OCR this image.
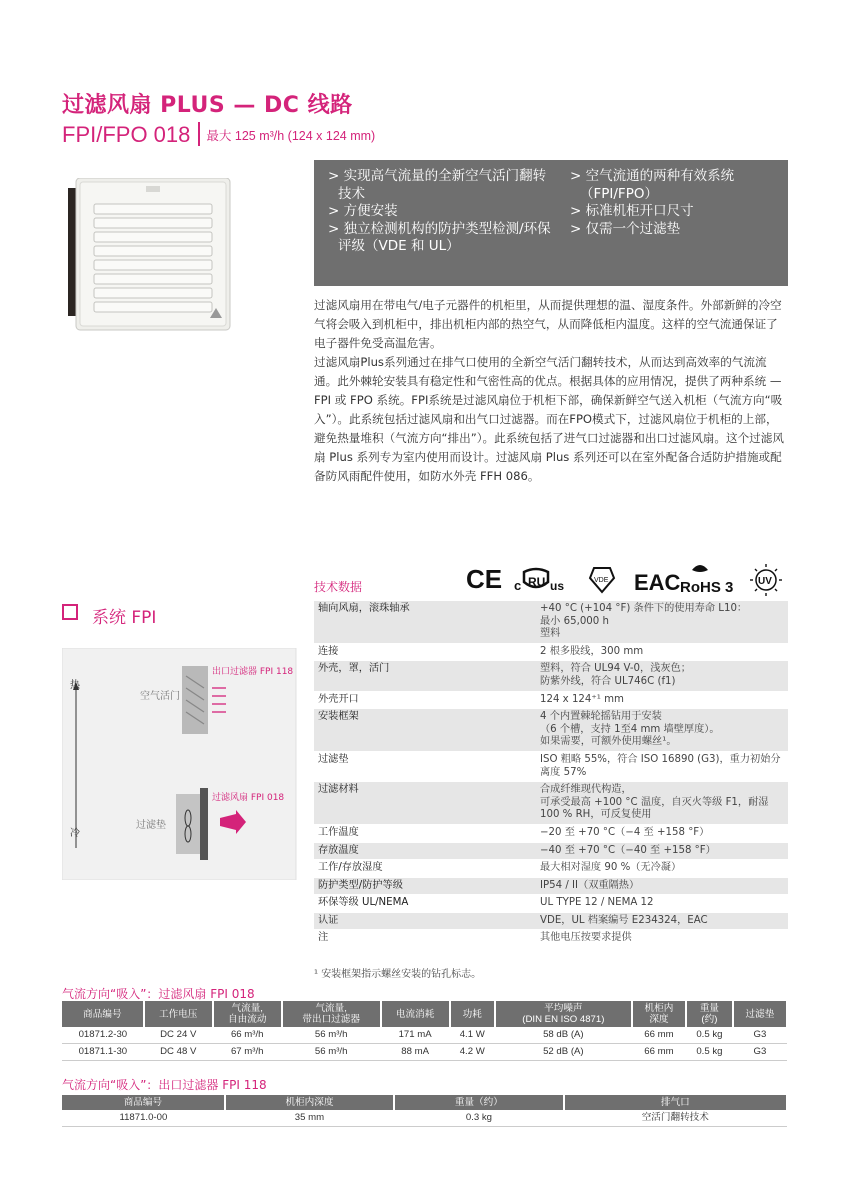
过滤风扇 PLUS — DC 线路
FPI/FPO 018 最大 125 m³/h (124 x 124 mm)
> 实现高气流量的全新空气活门翻转技术
> 方便安装
> 独立检测机构的防护类型检测/环保评级（VDE 和 UL）
> 空气流通的两种有效系统（FPI/FPO）
> 标准机柜开口尺寸
> 仅需一个过滤垫

过滤风扇用在带电气/电子元器件的机柜里，从而提供理想的温、湿度条件。外部新鲜的冷空气将会吸入到机柜中，排出机柜内部的热空气，从而降低柜内温度。这样的空气流通保证了电子器件免受高温危害。

过滤风扇Plus系列通过在排气口使用的全新空气活门翻转技术，从而达到高效率的气流流通。此外棘轮安装具有稳定性和气密性高的优点。根据具体的应用情况，提供了两种系统 — FPI 或 FPO 系统。FPI系统是过滤风扇位于机柜下部，确保新鲜空气送入机柜（气流方向“吸入”）。此系统包括过滤风扇和出气口过滤器。而在FPO模式下，过滤风扇位于机柜的上部，避免热量堆积（气流方向“排出”）。此系统包括了进气口过滤器和出口过滤风扇。这个过滤风扇 Plus 系列专为室内使用而设计。过滤风扇 Plus 系列还可以在室外配备合适防护措施或配备防风雨配件使用，如防水外壳 FFH 086。

技术数据	CE c RU us	VDE EAC RoHS 3 UV
系统 FPI
出口过滤器 FPI 118
过滤风扇 FPI 018
空气活门
过滤垫
热
冷
轴向风扇，滚珠轴承	+40 °C (+104 °F) 条件下的使用寿命 L10：
最小 65,000 h
塑料
连接	2 根多股线，300 mm
外壳，罩，活门	塑料，符合 UL94 V-0，浅灰色；
防紫外线，符合 UL746C (f1)
外壳开口	124 x 124⁺¹ mm
安装框架	4 个内置棘轮摇钻用于安装
（6 个槽，支持 1至4 mm 墙壁厚度）。
如果需要，可额外使用螺丝¹。
过滤垫	ISO 粗略 55%，符合 ISO 16890 (G3)，重力初始分离度 57%
过滤材料	合成纤维现代构造，
可承受最高 +100 °C 温度，自灭火等级 F1，耐湿 100 % RH，可反复使用
工作温度	−20 至 +70 °C（−4 至 +158 °F）
存放温度	−40 至 +70 °C（−40 至 +158 °F）
工作/存放湿度	最大相对湿度 90 %（无冷凝）
防护类型/防护等级	IP54 / II（双重隔热）
环保等级 UL/NEMA	UL TYPE 12 / NEMA 12
认证	VDE，UL 档案编号 E234324，EAC
注	其他电压按要求提供
¹ 安装框架指示螺丝安装的钻孔标志。
气流方向“吸入”：过滤风扇 FPI 018
商品编号	工作电压	气流量,
自由流动	气流量,
带出口过滤器	电流消耗	功耗	平均噪声
(DIN EN ISO 4871)	机柜内
深度	重量
(约)	过滤垫
01871.2-30	DC 24 V	66 m³/h	56 m³/h	171 mA	4.1 W	58 dB (A)	66 mm	0.5 kg	G3
01871.1-30	DC 48 V	67 m³/h	56 m³/h	88 mA	4.2 W	52 dB (A)	66 mm	0.5 kg	G3
气流方向“吸入”：出口过滤器 FPI 118
商品编号	机柜内深度	重量（约）	排气口
11871.0-00	35 mm	0.3 kg	空活门翻转技术
